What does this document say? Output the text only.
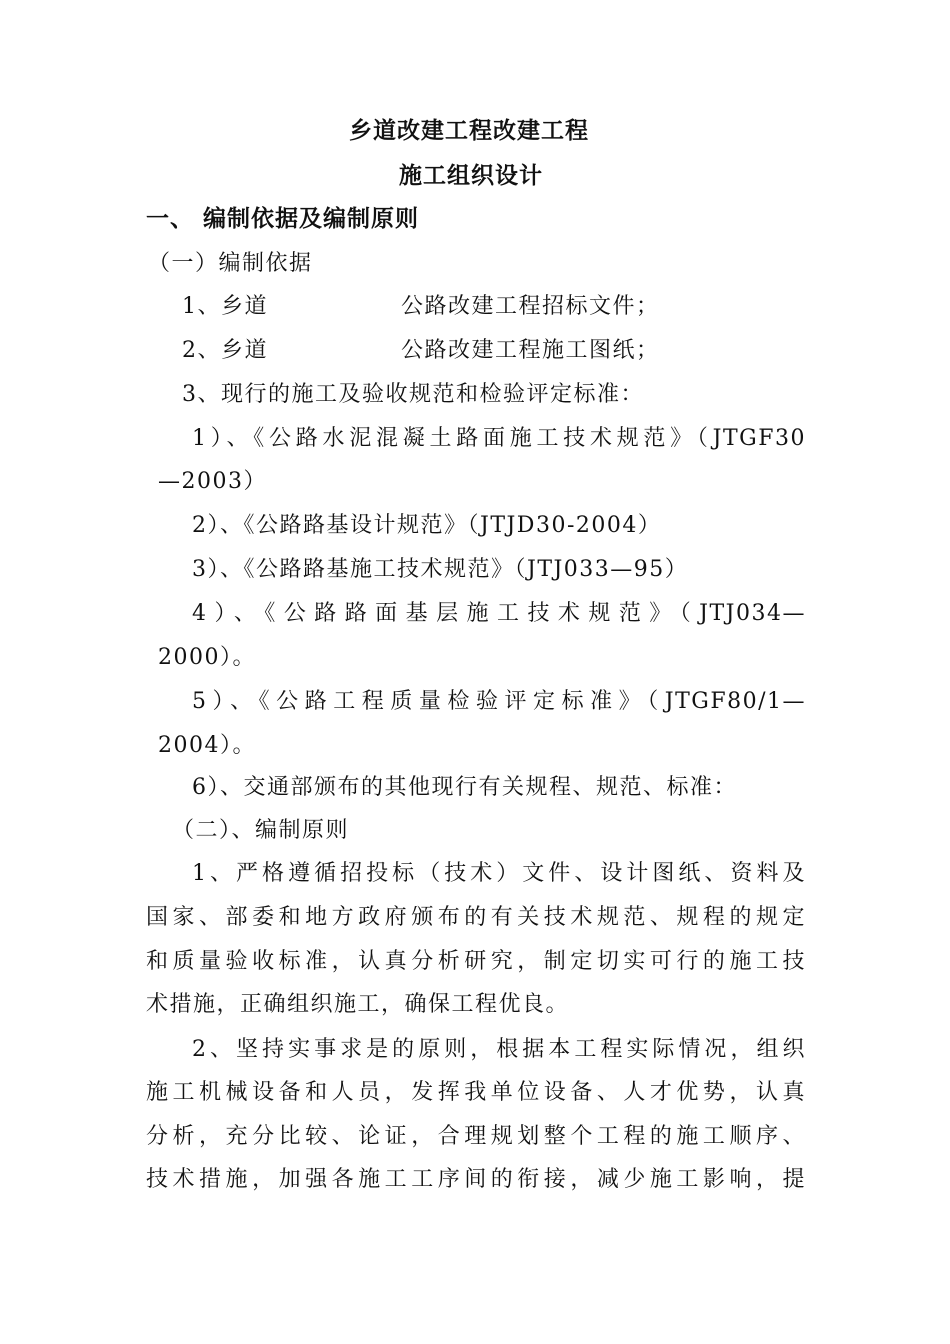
乡道改建工程改建工程
施工组织设计
一、 编制依据及编制原则
（一）编制依据
1、乡道	公路改建工程招标文件；
2、乡道	公路改建工程施工图纸；
3、现行的施工及验收规范和检验评定标准：
1）、《公路水泥混凝土路面施工技术规范》（JTGF30
—2003）
2）、《公路路基设计规范》（JTJD30-2004）
3）、《公路路基施工技术规范》（JTJ033—95）
4）、《公路路面基层施工技术规范》（JTJ034—
2000）。
5）、《公路工程质量检验评定标准》（JTGF80/1—
2004）。
6）、交通部颁布的其他现行有关规程、规范、标准：
（二）、编制原则
1、严格遵循招投标（技术）文件、设计图纸、资料及
国家、部委和地方政府颁布的有关技术规范、规程的规定
和质量验收标准，认真分析研究，制定切实可行的施工技
术措施，正确组织施工，确保工程优良。
2、坚持实事求是的原则，根据本工程实际情况，组织
施工机械设备和人员，发挥我单位设备、人才优势，认真
分析，充分比较、论证，合理规划整个工程的施工顺序、
技术措施，加强各施工工序间的衔接，减少施工影响，提
